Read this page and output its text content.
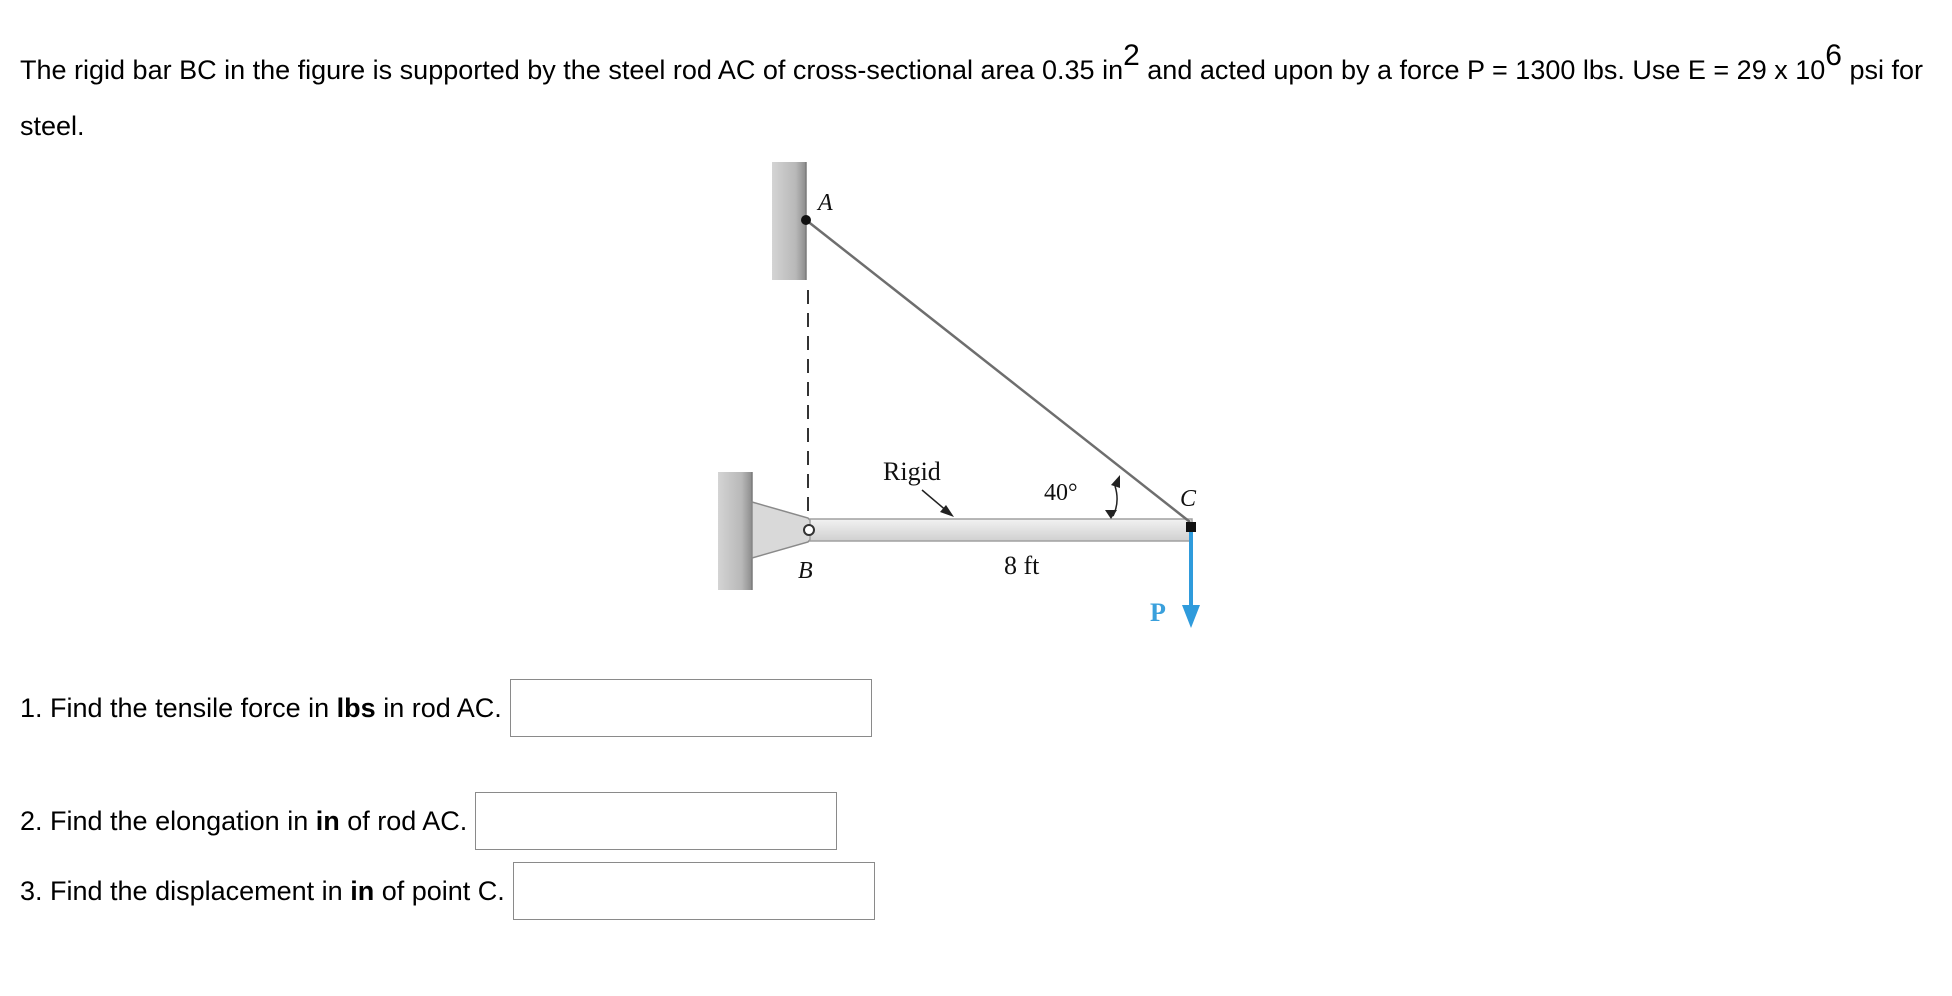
The rigid bar BC in the figure is supported by the steel rod AC of cross-sectional area 0.35 $in^2$ and acted upon by a force P = 1300 lbs. Use E = 29 x $10^6$ psi for steel.
A
B
C
Rigid
40°
8 ft
P
1. Find the tensile force in lbs in rod AC.
2. Find the elongation in in of rod AC.
3. Find the displacement in in of point C.
